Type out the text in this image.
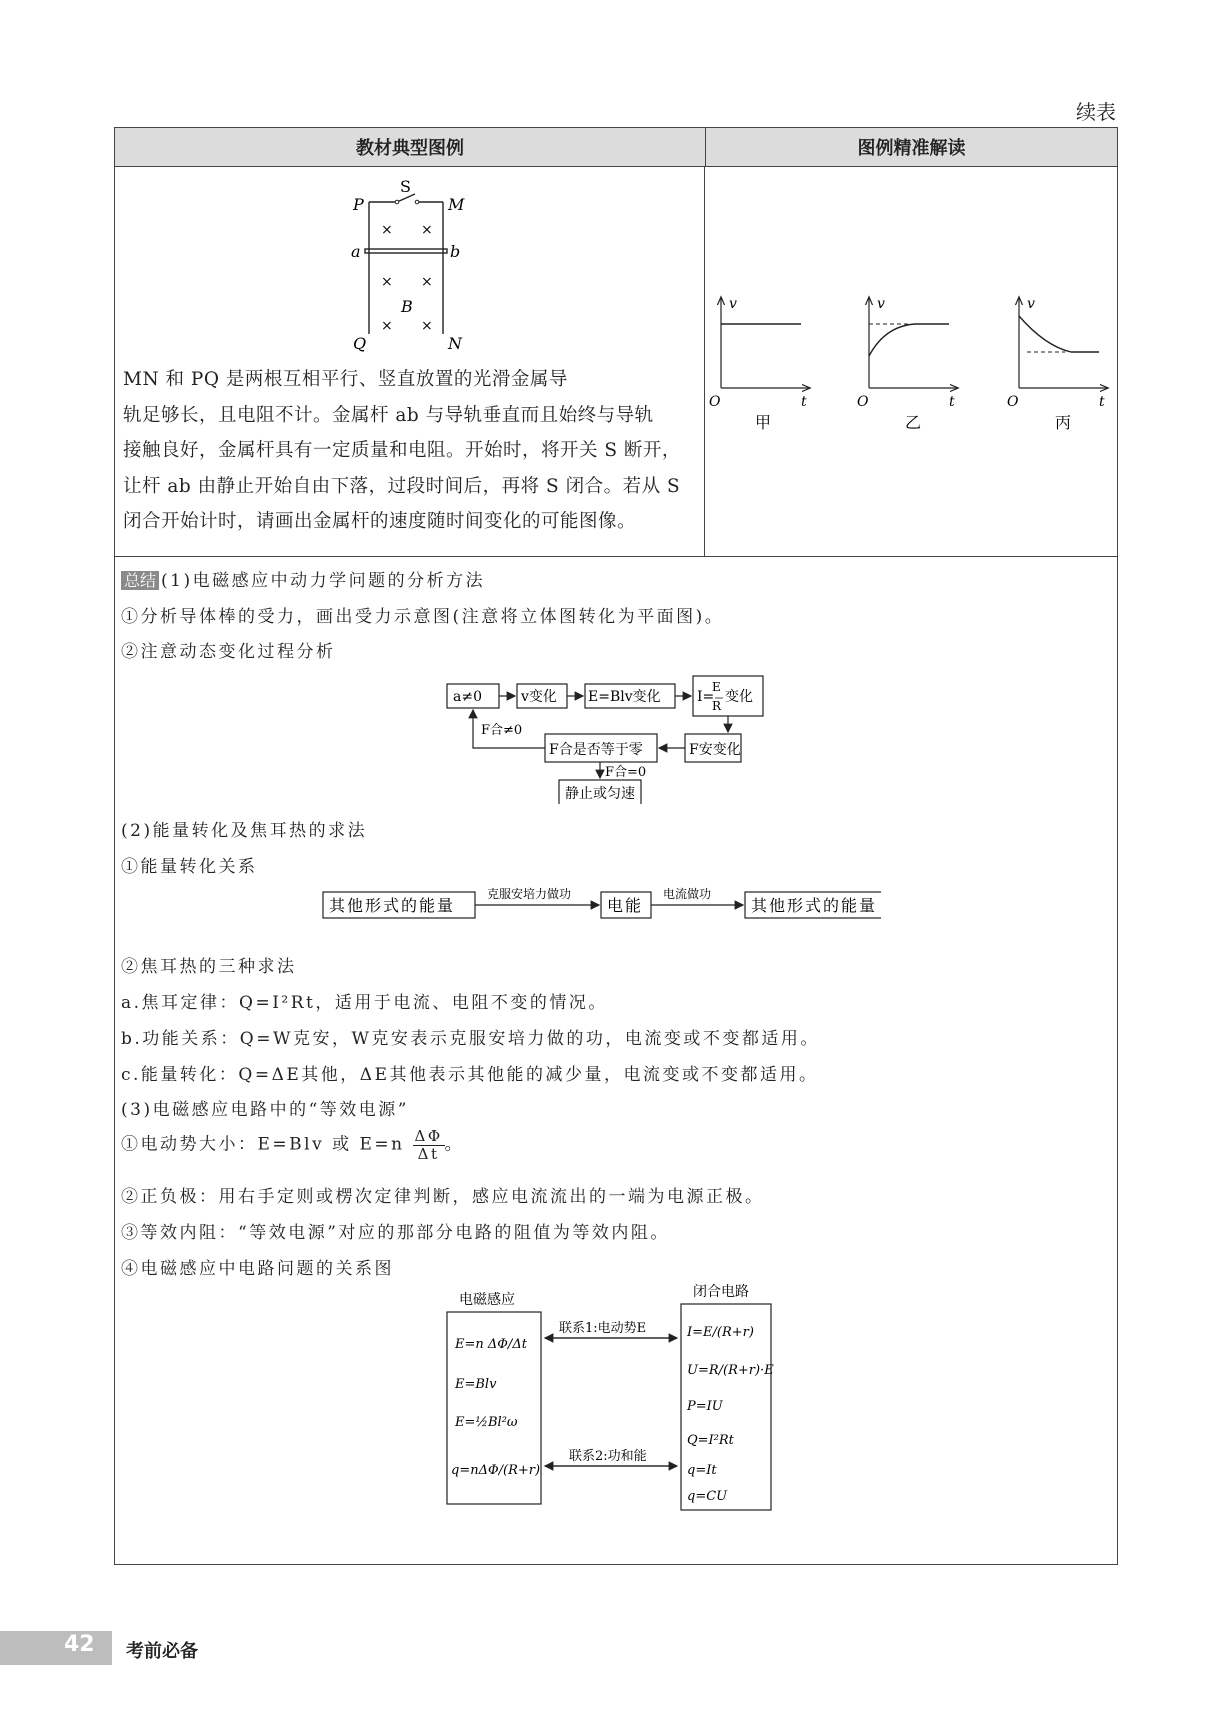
续表
教材典型图例	图例精准解读
P
S
M
a	b
B
Q	N
× ×
× ×
× ×
MN 和 PQ 是两根互相平行、竖直放置的光滑金属导
轨足够长，且电阻不计。金属杆 ab 与导轨垂直而且始终与导轨
接触良好，金属杆具有一定质量和电阻。开始时，将开关 S 断开，
让杆 ab 由静止开始自由下落，过段时间后，再将 S 闭合。若从 S
闭合开始计时，请画出金属杆的速度随时间变化的可能图像。
v
t
O
甲
v
t
O
乙
v
t
O
丙
总结 (1)电磁感应中动力学问题的分析方法
①分析导体棒的受力，画出受力示意图(注意将立体图转化为平面图)。
②注意动态变化过程分析
a≠0	v变化 E=Blv变化	I=
E
R
变化
F安变化
F合是否等于零
F合≠0
F合=0
静止或匀速
(2)能量转化及焦耳热的求法
①能量转化关系
其他形式的能量	电能	其他形式的能量
克服安培力做功	电流做功
②焦耳热的三种求法
a.焦耳定律：Q=I²Rt，适用于电流、电阻不变的情况。
b.功能关系：Q=W克安，W克安表示克服安培力做的功，电流变或不变都适用。
c.能量转化：Q=ΔE其他，ΔE其他表示其他能的减少量，电流变或不变都适用。
(3)电磁感应电路中的“等效电源”
①电动势大小：E=Blv 或 $E=n \frac{\Delta\Phi}{\Delta t}$ 。
②正负极：用右手定则或楞次定律判断，感应电流流出的一端为电源正极。
③等效内阻：“等效电源”对应的那部分电路的阻值为等效内阻。
④电磁感应中电路问题的关系图
电磁感应	闭合电路
联系1:电动势E
联系2:功和能
E=n ΔΦ/Δt
E=Blv
E=½Bl²ω
q=nΔΦ/(R+r)
I=E/(R+r)
U=R/(R+r)·E
P=IU
Q=I²Rt
q=It
q=CU
42 考前必备
